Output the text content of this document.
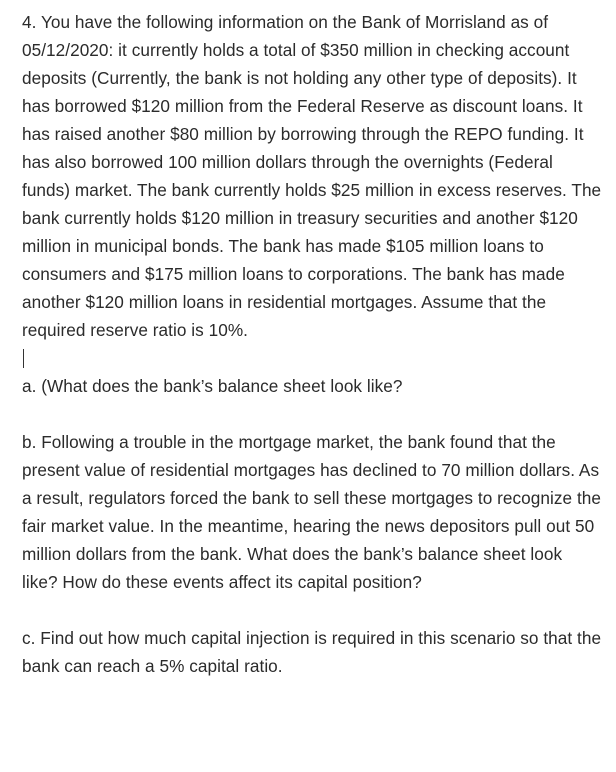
4. You have the following information on the Bank of Morrisland as of 05/12/2020: it currently holds a total of $350 million in checking account deposits (Currently, the bank is not holding any other type of deposits). It has borrowed $120 million from the Federal Reserve as discount loans. It has raised another $80 million by borrowing through the REPO funding. It has also borrowed 100 million dollars through the overnights (Federal funds) market. The bank currently holds $25 million in excess reserves. The bank currently holds $120 million in treasury securities and another $120 million in municipal bonds. The bank has made $105 million loans to consumers and $175 million loans to corporations. The bank has made another $120 million loans in residential mortgages. Assume that the required reserve ratio is 10%.

a. (What does the bank’s balance sheet look like?

b. Following a trouble in the mortgage market, the bank found that the present value of residential mortgages has declined to 70 million dollars. As a result, regulators forced the bank to sell these mortgages to recognize the fair market value. In the meantime, hearing the news depositors pull out 50 million dollars from the bank. What does the bank’s balance sheet look like? How do these events affect its capital position?

c. Find out how much capital injection is required in this scenario so that the bank can reach a 5% capital ratio.
